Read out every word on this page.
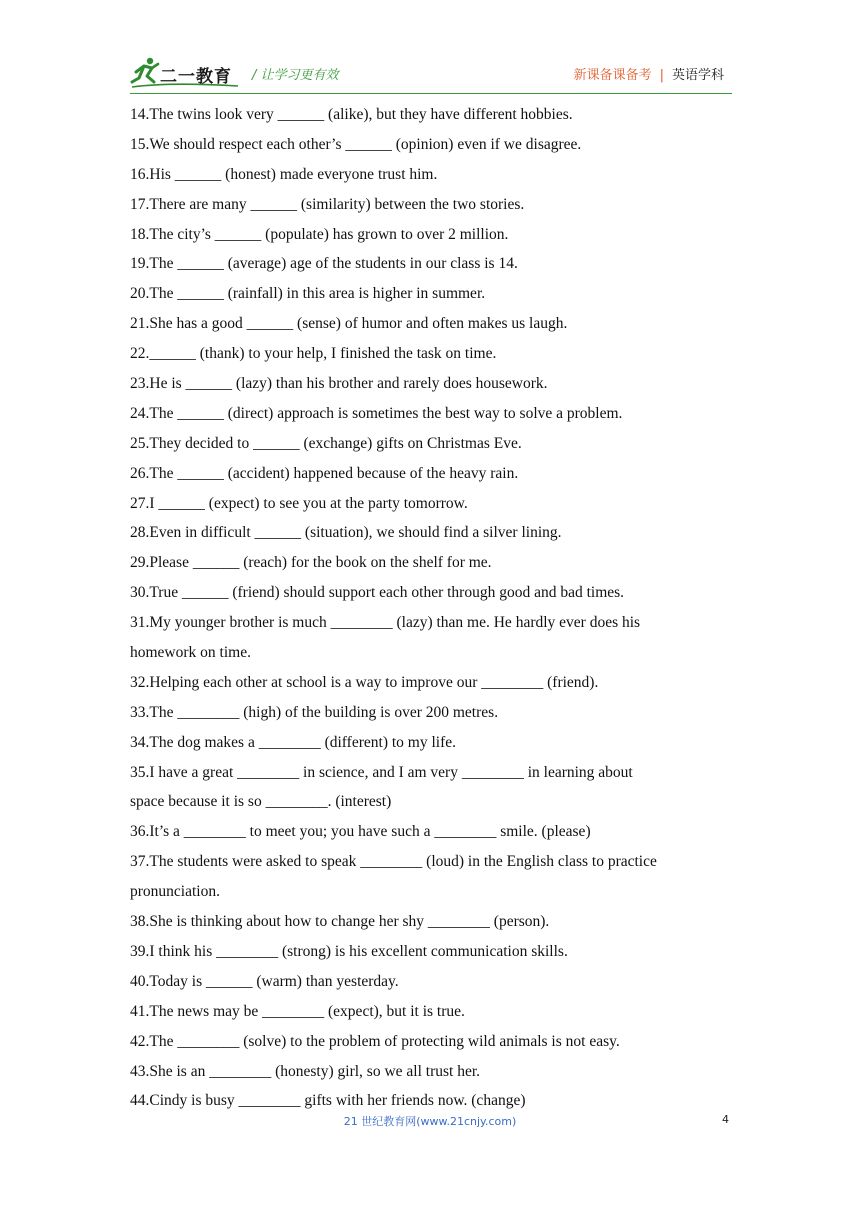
二一教育 / 让学习更有效	新课备课备考 | 英语学科
14.The twins look very ______ (alike), but they have different hobbies.
15.We should respect each other’s ______ (opinion) even if we disagree.
16.His ______ (honest) made everyone trust him.
17.There are many ______ (similarity) between the two stories.
18.The city’s ______ (populate) has grown to over 2 million.
19.The ______ (average) age of the students in our class is 14.
20.The ______ (rainfall) in this area is higher in summer.
21.She has a good ______ (sense) of humor and often makes us laugh.
22.______ (thank) to your help, I finished the task on time.
23.He is ______ (lazy) than his brother and rarely does housework.
24.The ______ (direct) approach is sometimes the best way to solve a problem.
25.They decided to ______ (exchange) gifts on Christmas Eve.
26.The ______ (accident) happened because of the heavy rain.
27.I ______ (expect) to see you at the party tomorrow.
28.Even in difficult ______ (situation), we should find a silver lining.
29.Please ______ (reach) for the book on the shelf for me.
30.True ______ (friend) should support each other through good and bad times.
31.My younger brother is much ________ (lazy) than me. He hardly ever does his
homework on time.
32.Helping each other at school is a way to improve our ________ (friend).
33.The ________ (high) of the building is over 200 metres.
34.The dog makes a ________ (different) to my life.
35.I have a great ________ in science, and I am very ________ in learning about
space because it is so ________. (interest)
36.It’s a ________ to meet you; you have such a ________ smile. (please)
37.The students were asked to speak ________ (loud) in the English class to practice
pronunciation.
38.She is thinking about how to change her shy ________ (person).
39.I think his ________ (strong) is his excellent communication skills.
40.Today is ______ (warm) than yesterday.
41.The news may be ________ (expect), but it is true.
42.The ________ (solve) to the problem of protecting wild animals is not easy.
43.She is an ________ (honesty) girl, so we all trust her.
44.Cindy is busy ________ gifts with her friends now. (change)
21 世纪教育网(www.21cnjy.com)	4
